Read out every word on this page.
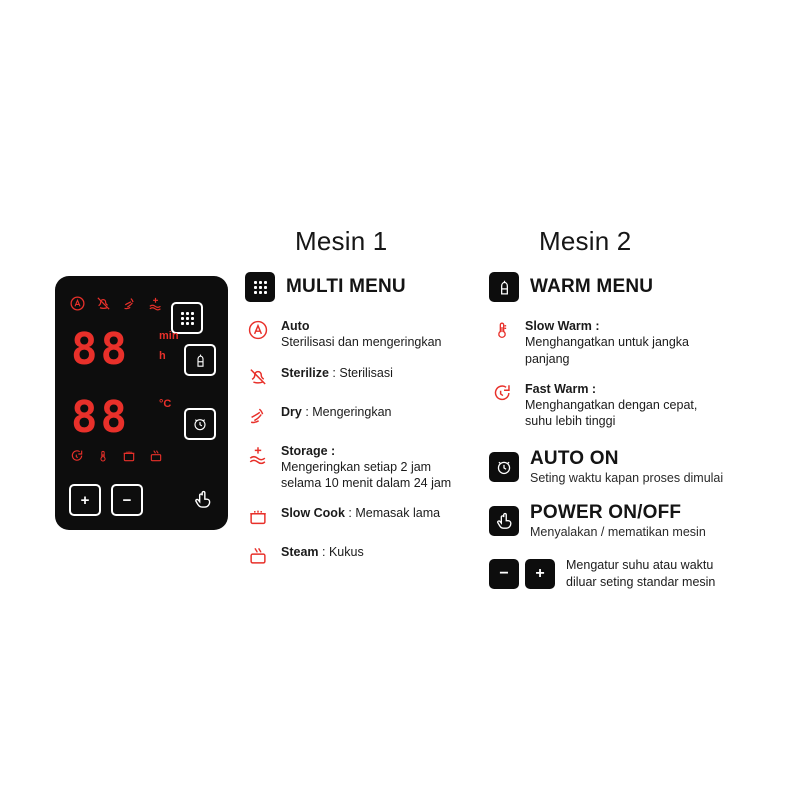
88	min
h
88	°C
+	−
Mesin 1	Mesin 2
MULTI MENU
Auto
Sterilisasi dan mengeringkan
Sterilize : Sterilisasi
Dry : Mengeringkan
Storage :
Mengeringkan setiap 2 jam
selama 10 menit dalam 24 jam
Slow Cook : Memasak lama
Steam : Kukus
WARM MENU
Slow Warm :
Menghangatkan untuk jangka panjang
Fast Warm :
Menghangatkan dengan cepat,
suhu lebih tinggi
AUTO ON
Seting waktu kapan proses dimulai
POWER ON/OFF
Menyalakan / mematikan mesin
−	+	Mengatur suhu atau waktu diluar seting standar mesin
